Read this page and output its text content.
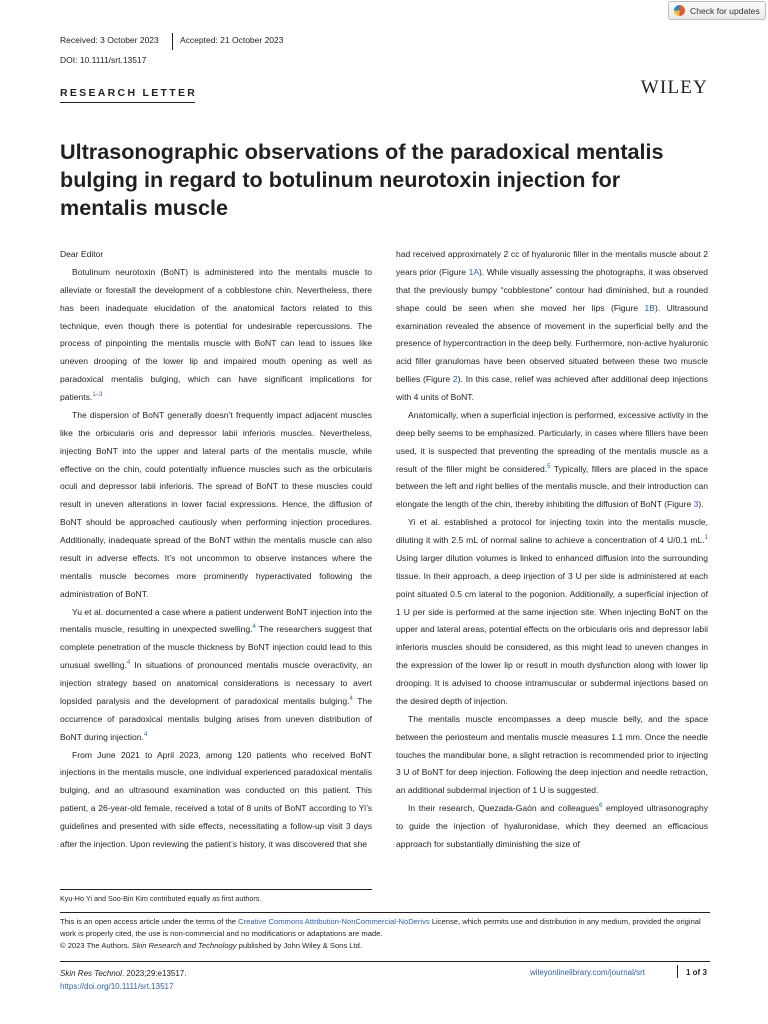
Check for updates
Received: 3 October 2023 Accepted: 21 October 2023
DOI: 10.1111/srt.13517
RESEARCH LETTER	WILEY
Ultrasonographic observations of the paradoxical mentalis bulging in regard to botulinum neurotoxin injection for mentalis muscle

Dear Editor

Botulinum neurotoxin (BoNT) is administered into the mentalis muscle to alleviate or forestall the development of a cobblestone chin. Nevertheless, there has been inadequate elucidation of the anatomical factors related to this technique, even though there is potential for undesirable repercussions. The process of pinpointing the mentalis muscle with BoNT can lead to issues like uneven drooping of the lower lip and impaired mouth opening as well as paradoxical mentalis bulging, which can have significant implications for patients.$^{1-3}$

The dispersion of BoNT generally doesn’t frequently impact adjacent muscles like the orbicularis oris and depressor labii inferioris muscles. Nevertheless, injecting BoNT into the upper and lateral parts of the mentalis muscle, while effective on the chin, could potentially influence muscles such as the orbicularis oculi and depressor labii inferioris. The spread of BoNT to these muscles could result in uneven alterations in lower facial expressions. Hence, the diffusion of BoNT should be approached cautiously when performing injection procedures. Additionally, inadequate spread of the BoNT within the mentalis muscle can also result in adverse effects. It’s not uncommon to observe instances where the mentalis muscle becomes more prominently hyperactivated following the administration of BoNT.

Yu et al. documented a case where a patient underwent BoNT injection into the mentalis muscle, resulting in unexpected swelling.$^4$ The researchers suggest that complete penetration of the muscle thickness by BoNT injection could lead to this unusual swelling.$^4$ In situations of pronounced mentalis muscle overactivity, an injection strategy based on anatomical considerations is necessary to avert lopsided paralysis and the development of paradoxical mentalis bulging.$^4$ The occurrence of paradoxical mentalis bulging arises from uneven distribution of BoNT during injection.$^4$

From June 2021 to April 2023, among 120 patients who received BoNT injections in the mentalis muscle, one individual experienced paradoxical mentalis bulging, and an ultrasound examination was conducted on this patient. This patient, a 26-year-old female, received a total of 8 units of BoNT according to Yi’s guidelines and presented with side effects, necessitating a follow-up visit 3 days after the injection. Upon reviewing the patient’s history, it was discovered that she

had received approximately 2 cc of hyaluronic filler in the mentalis muscle about 2 years prior (Figure 1A). While visually assessing the photographs, it was observed that the previously bumpy “cobblestone” contour had diminished, but a rounded shape could be seen when she moved her lips (Figure 1B). Ultrasound examination revealed the absence of movement in the superficial belly and the presence of hypercontraction in the deep belly. Furthermore, non-active hyaluronic acid filler granulomas have been observed situated between these two muscle bellies (Figure 2). In this case, relief was achieved after additional deep injections with 4 units of BoNT.

Anatomically, when a superficial injection is performed, excessive activity in the deep belly seems to be emphasized. Particularly, in cases where fillers have been used, it is suspected that preventing the spreading of the mentalis muscle as a result of the filler might be considered.$^5$ Typically, fillers are placed in the space between the left and right bellies of the mentalis muscle, and their introduction can elongate the length of the chin, thereby inhibiting the diffusion of BoNT (Figure 3).

Yi et al. established a protocol for injecting toxin into the mentalis muscle, diluting it with 2.5 mL of normal saline to achieve a concentration of 4 U/0.1 mL.$^1$ Using larger dilution volumes is linked to enhanced diffusion into the surrounding tissue. In their approach, a deep injection of 3 U per side is administered at each point situated 0.5 cm lateral to the pogonion. Additionally, a superficial injection of 1 U per side is performed at the same injection site. When injecting BoNT on the upper and lateral areas, potential effects on the orbicularis oris and depressor labii inferioris muscles should be considered, as this might lead to uneven changes in the expression of the lower lip or result in mouth dysfunction along with lower lip drooping. It is advised to choose intramuscular or subdermal injections based on the desired depth of injection.

The mentalis muscle encompasses a deep muscle belly, and the space between the periosteum and mentalis muscle measures 1.1 mm. Once the needle touches the mandibular bone, a slight retraction is recommended prior to injecting 3 U of BoNT for deep injection. Following the deep injection and needle retraction, an additional subdermal injection of 1 U is suggested.

In their research, Quezada-Gaón and colleagues$^6$ employed ultrasonography to guide the injection of hyaluronidase, which they deemed an efficacious approach for substantially diminishing the size of

Kyu-Ho Yi and Soo-Bin Kim contributed equally as first authors.
This is an open access article under the terms of the Creative Commons Attribution-NonCommercial-NoDerivs License, which permits use and distribution in any medium, provided the original work is properly cited, the use is non-commercial and no modifications or adaptations are made.
© 2023 The Authors. Skin Research and Technology published by John Wiley & Sons Ltd.
Skin Res Technol. 2023;29:e13517.
https://doi.org/10.1111/srt.13517
wileyonlinelibrary.com/journal/srt	1 of 3
